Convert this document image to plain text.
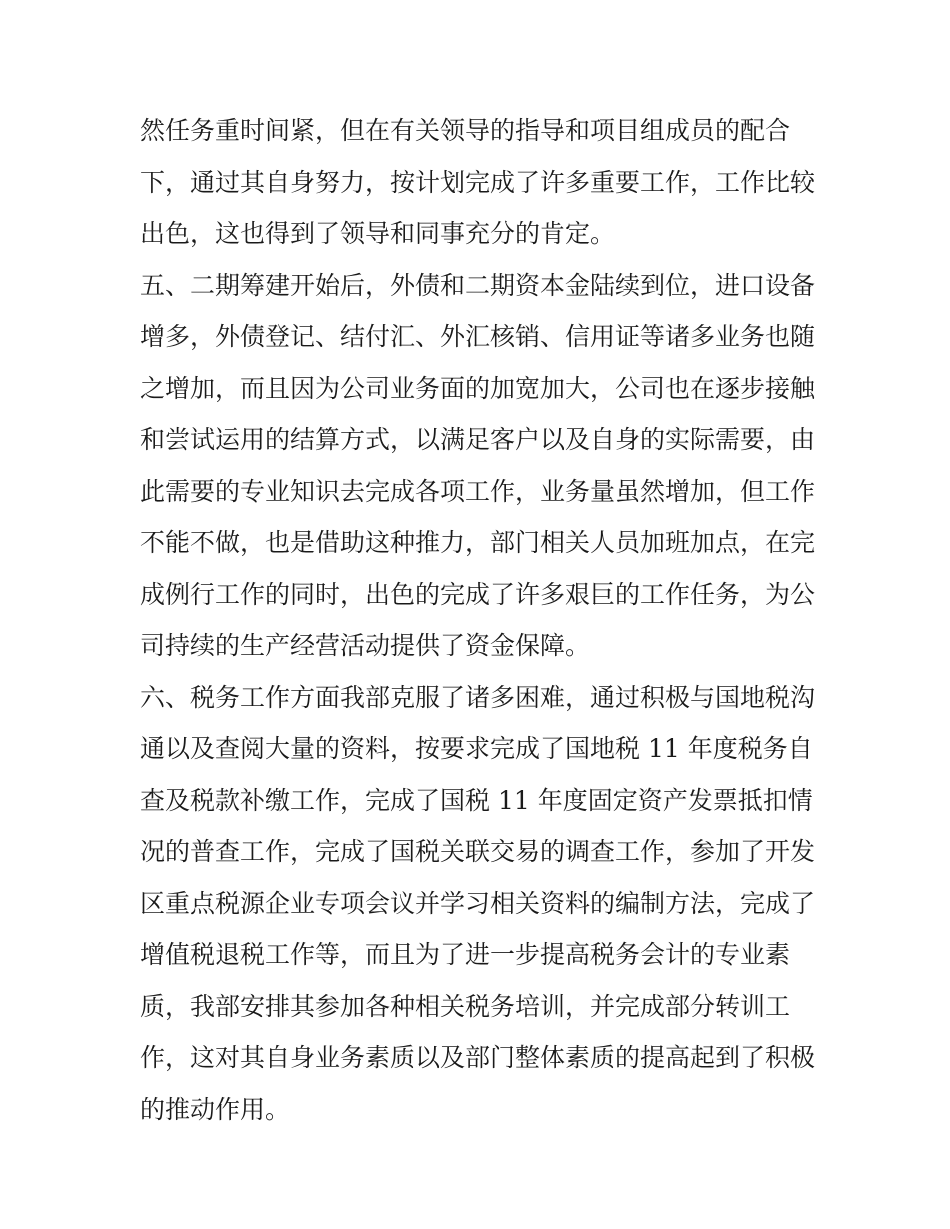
然任务重时间紧，但在有关领导的指导和项目组成员的配合
下，通过其自身努力，按计划完成了许多重要工作，工作比较
出色，这也得到了领导和同事充分的肯定。
五、二期筹建开始后，外债和二期资本金陆续到位，进口设备
增多，外债登记、结付汇、外汇核销、信用证等诸多业务也随
之增加，而且因为公司业务面的加宽加大，公司也在逐步接触
和尝试运用的结算方式，以满足客户以及自身的实际需要，由
此需要的专业知识去完成各项工作，业务量虽然增加，但工作
不能不做，也是借助这种推力，部门相关人员加班加点，在完
成例行工作的同时，出色的完成了许多艰巨的工作任务，为公
司持续的生产经营活动提供了资金保障。
六、税务工作方面我部克服了诸多困难，通过积极与国地税沟
通以及查阅大量的资料，按要求完成了国地税 11 年度税务自
查及税款补缴工作，完成了国税 11 年度固定资产发票抵扣情
况的普查工作，完成了国税关联交易的调查工作，参加了开发
区重点税源企业专项会议并学习相关资料的编制方法，完成了
增值税退税工作等，而且为了进一步提高税务会计的专业素
质，我部安排其参加各种相关税务培训，并完成部分转训工
作，这对其自身业务素质以及部门整体素质的提高起到了积极
的推动作用。
